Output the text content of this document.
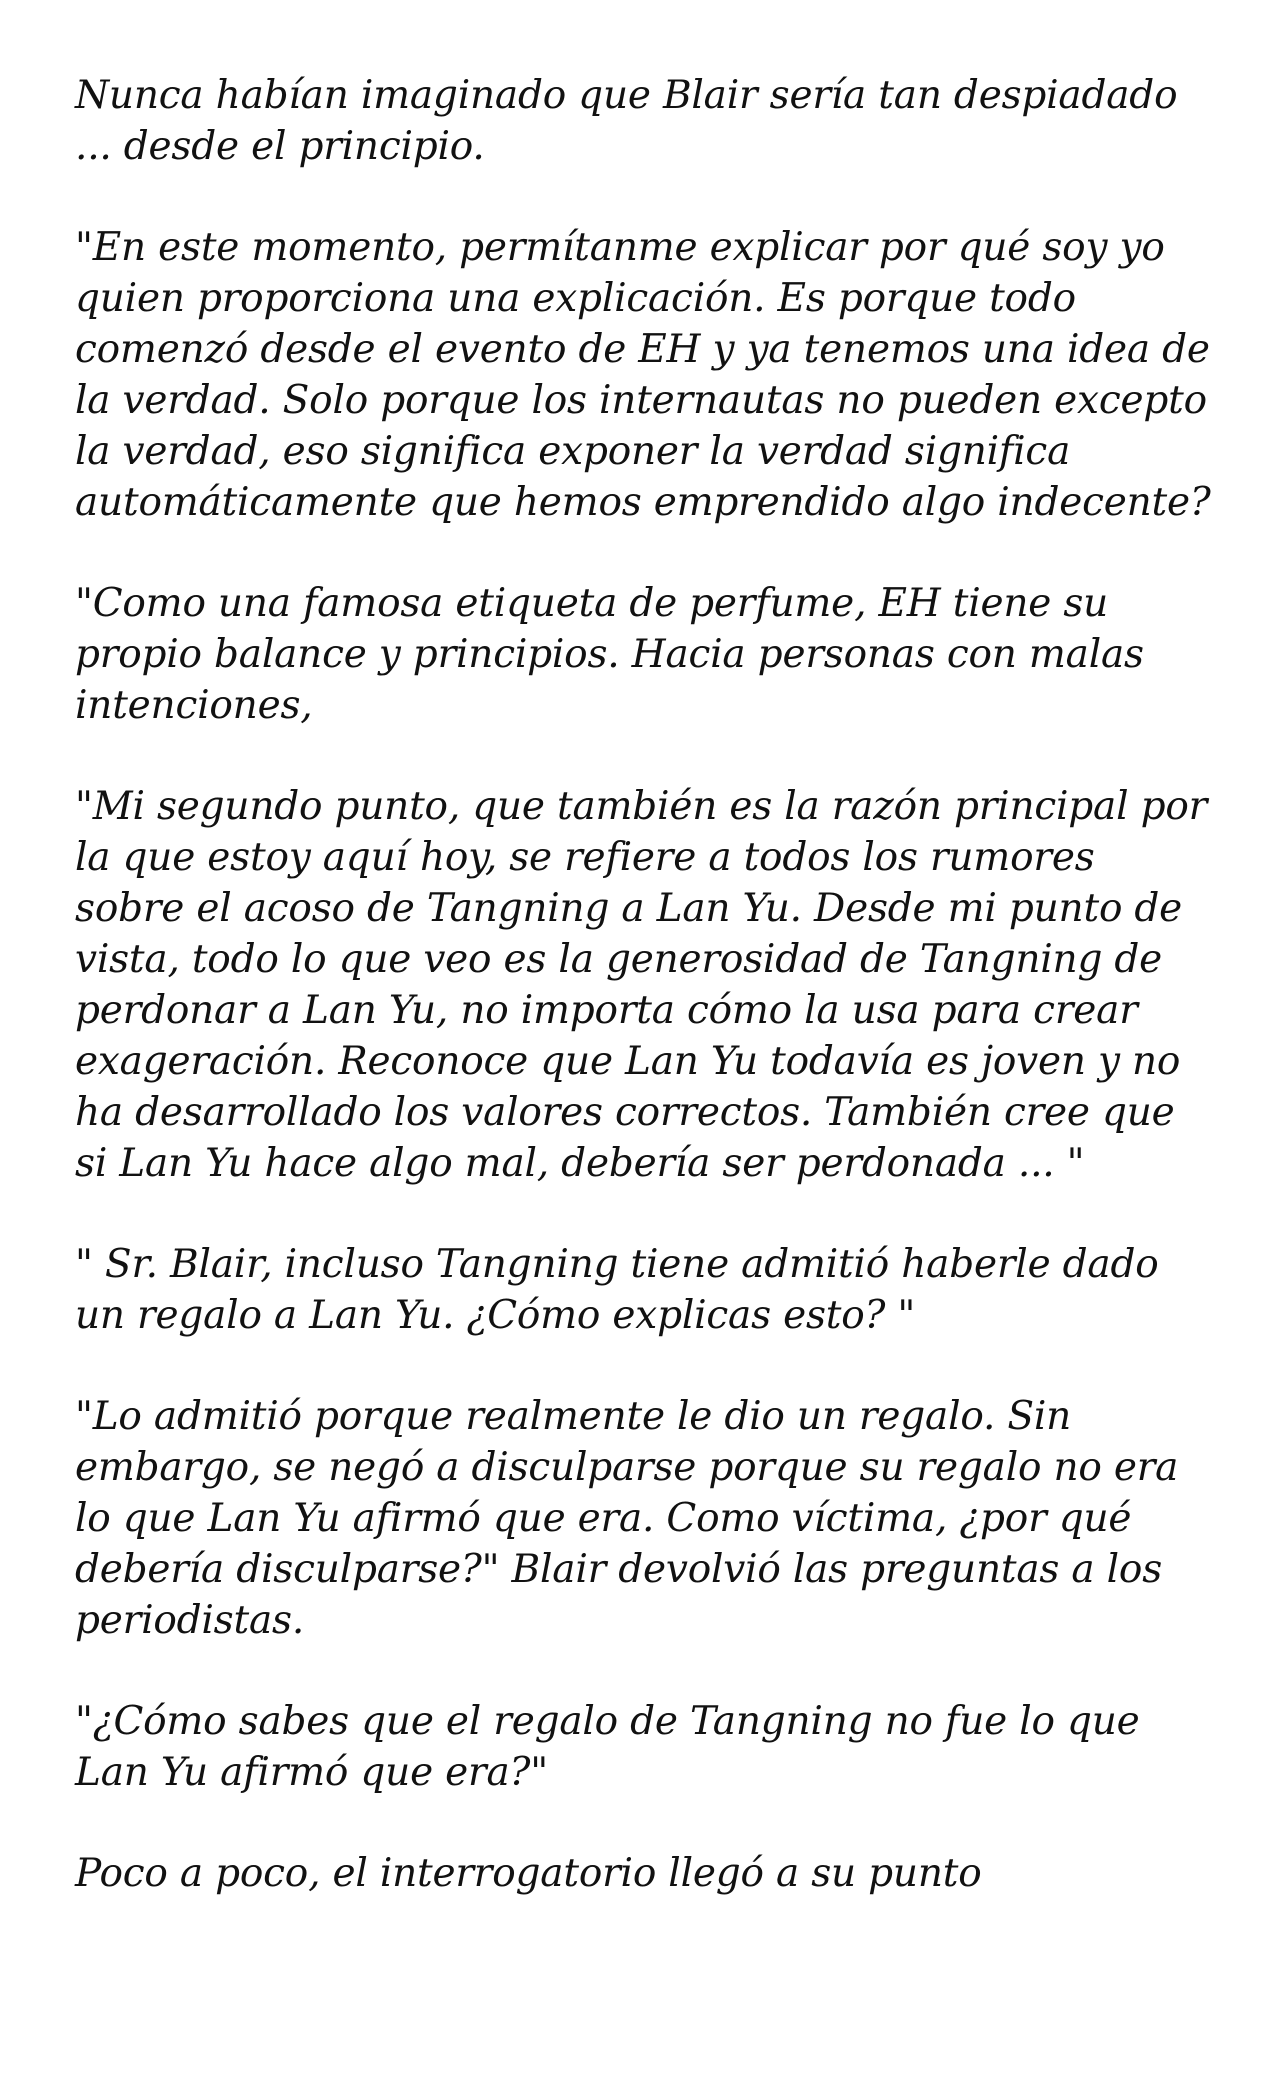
Nunca habían imaginado que Blair sería tan despiadado ... desde el principio.

"En este momento, permítanme explicar por qué soy yo quien proporciona una explicación. Es porque todo comenzó desde el evento de EH y ya tenemos una idea de la verdad. Solo porque los internautas no pueden excepto la verdad, eso significa exponer la verdad significa automáticamente que hemos emprendido algo indecente?

"Como una famosa etiqueta de perfume, EH tiene su propio balance y principios. Hacia personas con malas intenciones,

"Mi segundo punto, que también es la razón principal por la que estoy aquí hoy, se refiere a todos los rumores sobre el acoso de Tangning a Lan Yu. Desde mi punto de vista, todo lo que veo es la generosidad de Tangning de perdonar a Lan Yu, no importa cómo la usa para crear exageración. Reconoce que Lan Yu todavía es joven y no ha desarrollado los valores correctos. También cree que si Lan Yu hace algo mal, debería ser perdonada ... "

" Sr. Blair, incluso Tangning tiene admitió haberle dado un regalo a Lan Yu. ¿Cómo explicas esto? "

"Lo admitió porque realmente le dio un regalo. Sin embargo, se negó a disculparse porque su regalo no era lo que Lan Yu afirmó que era. Como víctima, ¿por qué debería disculparse?" Blair devolvió las preguntas a los periodistas.

"¿Cómo sabes que el regalo de Tangning no fue lo que Lan Yu afirmó que era?"

Poco a poco, el interrogatorio llegó a su punto
